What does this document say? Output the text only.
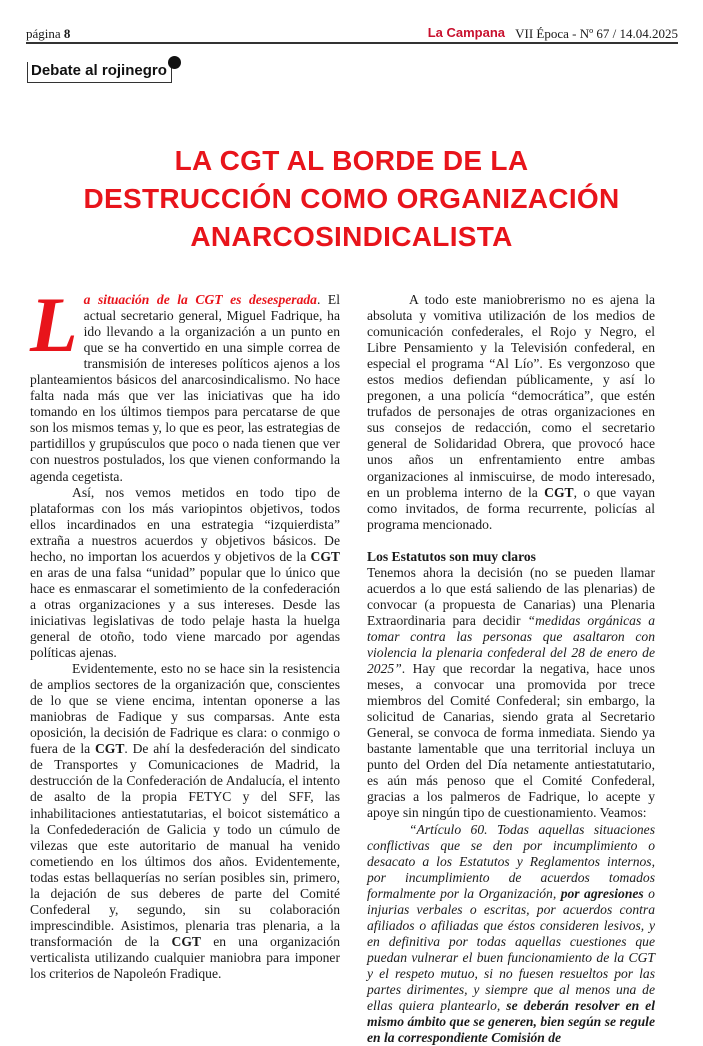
página 8	La Campana VII Época - Nº 67 / 14.04.2025
Debate al rojinegro
LA CGT AL BORDE DE LA
DESTRUCCIÓN COMO ORGANIZACIÓN
ANARCOSINDICALISTA

La situación de la CGT es desesperada. El actual secretario general, Miguel Fadrique, ha ido llevando a la organización a un punto en que se ha convertido en una simple correa de transmisión de intereses políticos ajenos a los planteamientos básicos del anarcosindicalismo. No hace falta nada más que ver las iniciativas que ha ido tomando en los últimos tiempos para percatarse de que son los mismos temas y, lo que es peor, las estrategias de partidillos y grupúsculos que poco o nada tienen que ver con nuestros postulados, los que vienen conformando la agenda cegetista.

Así, nos vemos metidos en todo tipo de plataformas con los más variopintos objetivos, todos ellos incardinados en una estrategia “izquierdista” extraña a nuestros acuerdos y objetivos básicos. De hecho, no importan los acuerdos y objetivos de la CGT en aras de una falsa “unidad” popular que lo único que hace es enmascarar el sometimiento de la confederación a otras organizaciones y a sus intereses. Desde las iniciativas legislativas de todo pelaje hasta la huelga general de otoño, todo viene marcado por agendas políticas ajenas.

Evidentemente, esto no se hace sin la resistencia de amplios sectores de la organización que, conscientes de lo que se viene encima, intentan oponerse a las maniobras de Fadique y sus comparsas. Ante esta oposición, la decisión de Fadrique es clara: o conmigo o fuera de la CGT. De ahí la desfederación del sindicato de Transportes y Comunicaciones de Madrid, la destrucción de la Confederación de Andalucía, el intento de asalto de la propia FETYC y del SFF, las inhabilitaciones antiestatutarias, el boicot sistemático a la Confedederación de Galicia y todo un cúmulo de vilezas que este autoritario de manual ha venido cometiendo en los últimos dos años. Evidentemente, todas estas bellaquerías no serían posibles sin, primero, la dejación de sus deberes de parte del Comité Confederal y, segundo, sin su colaboración imprescindible. Asistimos, plenaria tras plenaria, a la transformación de la CGT en una organización verticalista utilizando cualquier maniobra para imponer los criterios de Napoleón Fradique.

A todo este maniobrerismo no es ajena la absoluta y vomitiva utilización de los medios de comunicación confederales, el Rojo y Negro, el Libre Pensamiento y la Televisión confederal, en especial el programa “Al Lío”. Es vergonzoso que estos medios defiendan públicamente, y así lo pregonen, a una policía “democrática”, que estén trufados de personajes de otras organizaciones en sus consejos de redacción, como el secretario general de Solidaridad Obrera, que provocó hace unos años un enfrentamiento entre ambas organizaciones al inmiscuirse, de modo interesado, en un problema interno de la CGT, o que vayan como invitados, de forma recurrente, policías al programa mencionado.

Los Estatutos son muy claros

Tenemos ahora la decisión (no se pueden llamar acuerdos a lo que está saliendo de las plenarias) de convocar (a propuesta de Canarias) una Plenaria Extraordinaria para decidir “medidas orgánicas a tomar contra las personas que asaltaron con violencia la plenaria confederal del 28 de enero de 2025”. Hay que recordar la negativa, hace unos meses, a convocar una promovida por trece miembros del Comité Confederal; sin embargo, la solicitud de Canarias, siendo grata al Secretario General, se convoca de forma inmediata. Siendo ya bastante lamentable que una territorial incluya un punto del Orden del Día netamente antiestatutario, es aún más penoso que el Comité Confederal, gracias a los palmeros de Fadrique, lo acepte y apoye sin ningún tipo de cuestionamiento. Veamos:

“Artículo 60. Todas aquellas situaciones conflictivas que se den por incumplimiento o desacato a los Estatutos y Reglamentos internos, por incumplimiento de acuerdos tomados formalmente por la Organización, por agresiones o injurias verbales o escritas, por acuerdos contra afiliados o afiliadas que éstos consideren lesivos, y en definitiva por todas aquellas cuestiones que puedan vulnerar el buen funcionamiento de la CGT y el respeto mutuo, si no fuesen resueltos por las partes dirimentes, y siempre que al menos una de ellas quiera plantearlo, se deberán resolver en el mismo ámbito que se generen, bien según se regule en la correspondiente Comisión de
